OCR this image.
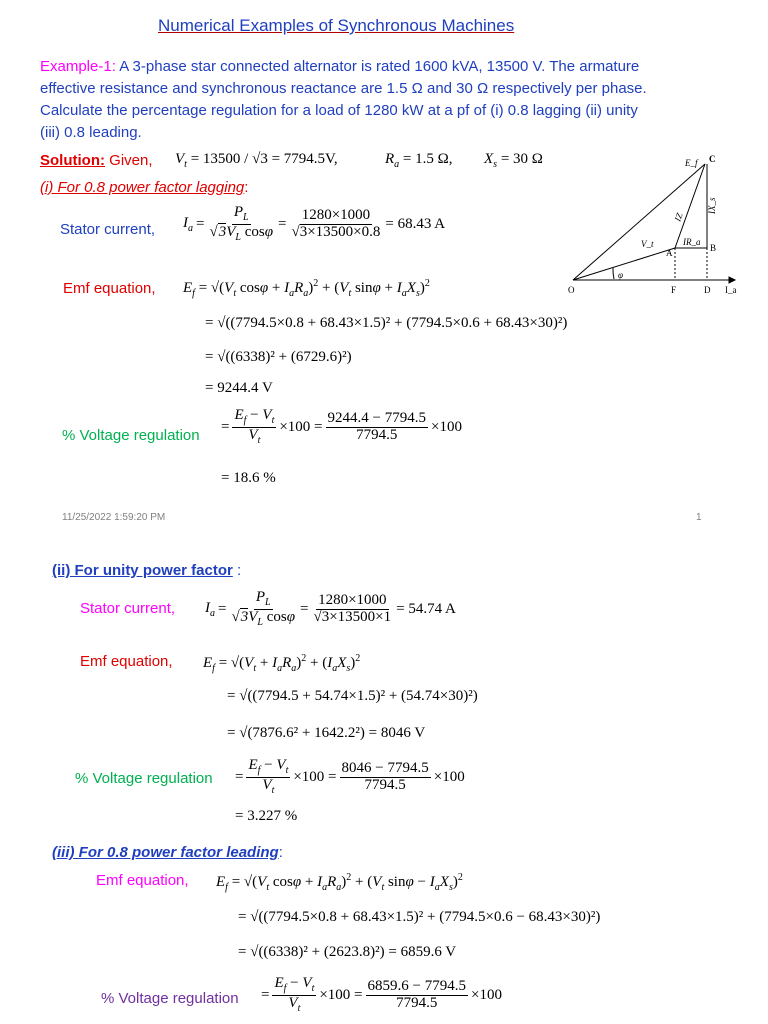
Numerical Examples of Synchronous Machines
Example-1: A 3-phase star connected alternator is rated 1600 kVA, 13500 V. The armature
effective resistance and synchronous reactance are 1.5 Ω and 30 Ω respectively per phase.
Calculate the percentage regulation for a load of 1280 kW at a pf of (i) 0.8 lagging (ii) unity
(iii) 0.8 leading.
Solution: Given, $V_t = 13500 / √3 = 7794.5V$,	$R_a = 1.5$ Ω, $X_s = 30$ Ω
(i) For 0.8 power factor lagging:
Stator current, $I_a = \frac{P_L}{√3V_L \cos\varphi} = \frac{1280\times 1000}{√3\times 13500\times 0.8} = 68.43$ A
Emf equation, $E_f = √(V_t$ $\cos\varphi + I_aR_a)^2 + (V_t$ $\sin\varphi + I_aX_s)^2$
= √((7794.5×0.8 + 68.43×1.5)² + (7794.5×0.6 + 68.43×30)²)
= √((6338)² + (6729.6)²)
= 9244.4 V
% Voltage regulation
= $\frac{E_f - V_t}{V_t} \times 100 = \frac{9244.4 - 7794.5}{7794.5} \times 100$
= 18.6 %
C
B
A
O	F	D I_a
E_f
V_t	IR_a
IX_s
IZ
φ
11/25/2022 1:59:20 PM	1
(ii) For unity power factor :
Stator current, $I_a = \frac{P_L}{√3V_L \cos\varphi} = \frac{1280\times 1000}{√3\times 13500\times 1} = 54.74$ A
Emf equation, $E_f = √(V_t + I_aR_a)^2 + (I_aX_s)^2$
= √((7794.5 + 54.74×1.5)² + (54.74×30)²)
= √(7876.6² + 1642.2²) = 8046 V
% Voltage regulation = $\frac{E_f - V_t}{V_t} \times 100 = \frac{8046 - 7794.5}{7794.5} \times 100$
= 3.227 %
(iii) For 0.8 power factor leading:
Emf equation, $E_f = √(V_t$ $\cos\varphi + I_aR_a)^2 + (V_t$ $\sin\varphi - I_aX_s)^2$
= √((7794.5×0.8 + 68.43×1.5)² + (7794.5×0.6 − 68.43×30)²)
= √((6338)² + (2623.8)²) = 6859.6 V
% Voltage regulation = $\frac{E_f - V_t}{V_t} \times 100 = \frac{6859.6 - 7794.5}{7794.5} \times 100$
